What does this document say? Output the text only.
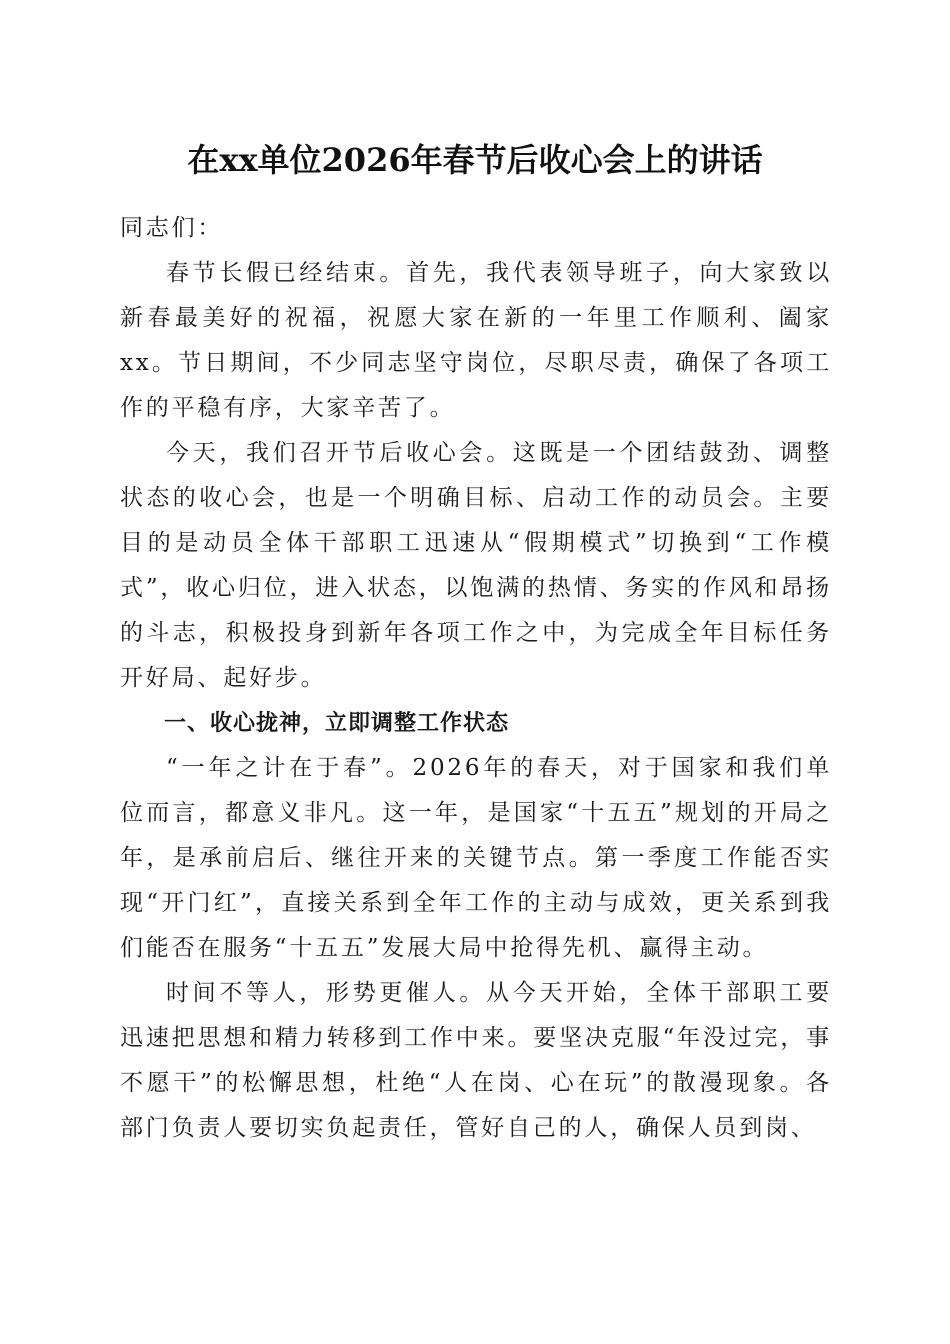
在xx单位2026年春节后收心会上的讲话

同志们：

春节长假已经结束。首先，我代表领导班子，向大家致以新春最美好的祝福，祝愿大家在新的一年里工作顺利、阖家xx。节日期间，不少同志坚守岗位，尽职尽责，确保了各项工作的平稳有序，大家辛苦了。

今天，我们召开节后收心会。这既是一个团结鼓劲、调整状态的收心会，也是一个明确目标、启动工作的动员会。主要目的是动员全体干部职工迅速从“假期模式”切换到“工作模式”，收心归位，进入状态，以饱满的热情、务实的作风和昂扬的斗志，积极投身到新年各项工作之中，为完成全年目标任务开好局、起好步。

一、收心拢神，立即调整工作状态

“一年之计在于春”。2026年的春天，对于国家和我们单位而言，都意义非凡。这一年，是国家“十五五”规划的开局之年，是承前启后、继往开来的关键节点。第一季度工作能否实现“开门红”，直接关系到全年工作的主动与成效，更关系到我们能否在服务“十五五”发展大局中抢得先机、赢得主动。

时间不等人，形势更催人。从今天开始，全体干部职工要迅速把思想和精力转移到工作中来。要坚决克服“年没过完，事不愿干”的松懈思想，杜绝“人在岗、心在玩”的散漫现象。各部门负责人要切实负起责任，管好自己的人，确保人员到岗、
